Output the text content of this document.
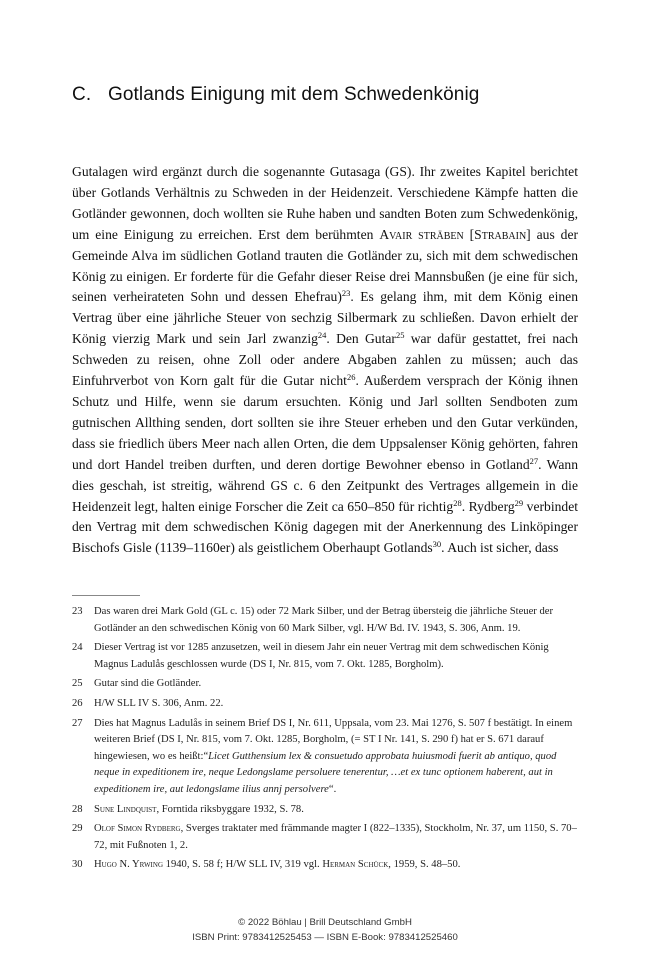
C. Gotlands Einigung mit dem Schwedenkönig
Gutalagen wird ergänzt durch die sogenannte Gutasaga (GS). Ihr zweites Kapitel berichtet über Gotlands Verhältnis zu Schweden in der Heidenzeit. Verschiedene Kämpfe hatten die Gotländer gewonnen, doch wollten sie Ruhe haben und sandten Boten zum Schwedenkönig, um eine Einigung zu erreichen. Erst dem berühmten Avair sträben [Strabain] aus der Gemeinde Alva im südlichen Gotland trauten die Gotländer zu, sich mit dem schwedischen König zu einigen. Er forderte für die Gefahr dieser Reise drei Mannsbußen (je eine für sich, seinen verheirateten Sohn und dessen Ehefrau)$^{23}$. Es gelang ihm, mit dem König einen Vertrag über eine jährliche Steuer von sechzig Silbermark zu schließen. Davon erhielt der König vierzig Mark und sein Jarl zwanzig$^{24}$. Den Gutar$^{25}$ war dafür gestattet, frei nach Schweden zu reisen, ohne Zoll oder andere Abgaben zahlen zu müssen; auch das Einfuhrverbot von Korn galt für die Gutar nicht$^{26}$. Außerdem versprach der König ihnen Schutz und Hilfe, wenn sie darum ersuchten. König und Jarl sollten Sendboten zum gutnischen Allthing senden, dort sollten sie ihre Steuer erheben und den Gutar verkünden, dass sie friedlich übers Meer nach allen Orten, die dem Uppsalenser König gehörten, fahren und dort Handel treiben durften, und deren dortige Bewohner ebenso in Gotland$^{27}$. Wann dies geschah, ist streitig, während GS c. 6 den Zeitpunkt des Vertrages allgemein in die Heidenzeit legt, halten einige Forscher die Zeit ca 650–850 für richtig$^{28}$. Rydberg$^{29}$ verbindet den Vertrag mit dem schwedischen König dagegen mit der Anerkennung des Linköpinger Bischofs Gisle (1139–1160er) als geistlichem Oberhaupt Gotlands$^{30}$. Auch ist sicher, dass
23	Das waren drei Mark Gold (GL c. 15) oder 72 Mark Silber, und der Betrag übersteig die jährliche Steuer der Gotländer an den schwedischen König von 60 Mark Silber, vgl. H/W Bd. IV. 1943, S. 306, Anm. 19.
24	Dieser Vertrag ist vor 1285 anzusetzen, weil in diesem Jahr ein neuer Vertrag mit dem schwedischen König Magnus Ladulås geschlossen wurde (DS I, Nr. 815, vom 7. Okt. 1285, Borgholm).
25	Gutar sind die Gotländer.
26	H/W SLL IV S. 306, Anm. 22.
27	Dies hat Magnus Ladulås in seinem Brief DS I, Nr. 611, Uppsala, vom 23. Mai 1276, S. 507 f bestätigt. In einem weiteren Brief (DS I, Nr. 815, vom 7. Okt. 1285, Borgholm, (= ST I Nr. 141, S. 290 f) hat er S. 671 darauf hingewiesen, wo es heißt:“Licet Gutthensium lex & consuetudo approbata huiusmodi fuerit ab antiquo, quod neque in expeditionem ire, neque Ledongslame persoluere tenerentur, …et ex tunc optionem haberent, aut in expeditionem ire, aut ledongslame ilius annj persolvere“.
28	Sune Lindquist, Forntida riksbyggare 1932, S. 78.
29	Olof Simon Rydberg, Sverges traktater med främmande magter I (822–1335), Stockholm, Nr. 37, um 1150, S. 70–72, mit Fußnoten 1, 2.
30	Hugo N. Yrwing 1940, S. 58 f; H/W SLL IV, 319 vgl. Herman Schück, 1959, S. 48–50.
© 2022 Böhlau | Brill Deutschland GmbH
ISBN Print: 9783412525453 — ISBN E-Book: 9783412525460
